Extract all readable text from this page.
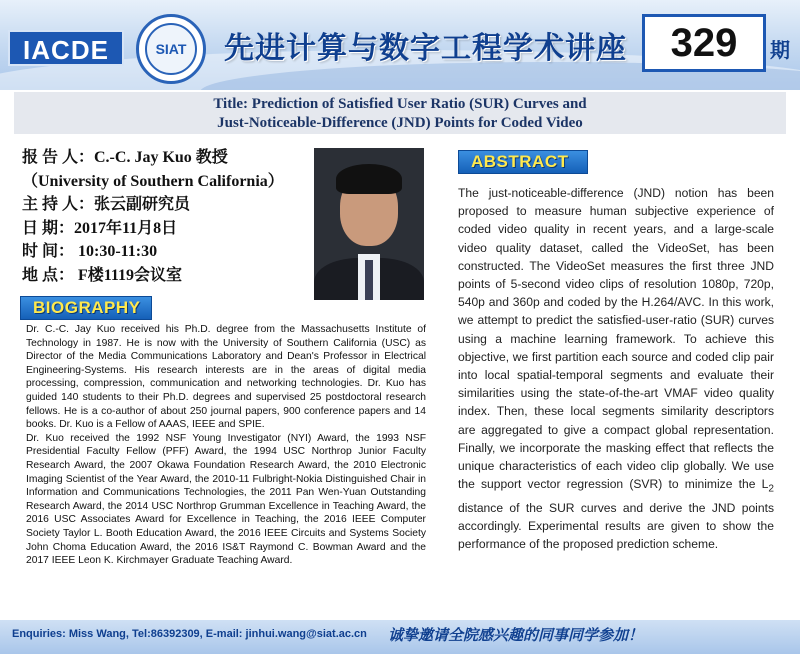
IACDE	SIAT	先进计算与数字工程学术讲座	329	期
Title: Prediction of Satisfied User Ratio (SUR) Curves and
Just-Noticeable-Difference (JND) Points for Coded Video
报 告 人：C.-C. Jay Kuo 教授
（University of Southern California）
主 持 人：张云副研究员
日 期：2017年11月8日
时 间： 10:30-11:30
地 点： F楼1119会议室
ABSTRACT
The just-noticeable-difference (JND) notion has been proposed to measure human subjective experience of coded video quality in recent years, and a large-scale video quality dataset, called the VideoSet, has been constructed. The VideoSet measures the first three JND points of 5-second video clips of resolution 1080p, 720p, 540p and 360p and coded by the H.264/AVC. In this work, we attempt to predict the satisfied-user-ratio (SUR) curves using a machine learning framework. To achieve this objective, we first partition each source and coded clip pair into local spatial-temporal segments and evaluate their similarities using the state-of-the-art VMAF video quality index. Then, these local segments similarity descriptors are aggregated to give a compact global representation. Finally, we incorporate the masking effect that reflects the unique characteristics of each video clip globally. We use the support vector regression (SVR) to minimize the $L_2$ distance of the SUR curves and derive the JND points accordingly. Experimental results are given to show the performance of the proposed prediction scheme.
BIOGRAPHY

Dr. C.-C. Jay Kuo received his Ph.D. degree from the Massachusetts Institute of Technology in 1987. He is now with the University of Southern California (USC) as Director of the Media Communications Laboratory and Dean's Professor in Electrical Engineering-Systems. His research interests are in the areas of digital media processing, compression, communication and networking technologies. Dr. Kuo has guided 140 students to their Ph.D. degrees and supervised 25 postdoctoral research fellows. He is a co-author of about 250 journal papers, 900 conference papers and 14 books. Dr. Kuo is a Fellow of AAAS, IEEE and SPIE.

Dr. Kuo received the 1992 NSF Young Investigator (NYI) Award, the 1993 NSF Presidential Faculty Fellow (PFF) Award, the 1994 USC Northrop Junior Faculty Research Award, the 2007 Okawa Foundation Research Award, the 2010 Electronic Imaging Scientist of the Year Award, the 2010-11 Fulbright-Nokia Distinguished Chair in Information and Communications Technologies, the 2011 Pan Wen-Yuan Outstanding Research Award, the 2014 USC Northrop Grumman Excellence in Teaching Award, the 2016 USC Associates Award for Excellence in Teaching, the 2016 IEEE Computer Society Taylor L. Booth Education Award, the 2016 IEEE Circuits and Systems Society John Choma Education Award, the 2016 IS&T Raymond C. Bowman Award and the 2017 IEEE Leon K. Kirchmayer Graduate Teaching Award.

Enquiries: Miss Wang, Tel:86392309, E-mail: jinhui.wang@siat.ac.cn 诚挚邀请全院感兴趣的同事同学参加！
